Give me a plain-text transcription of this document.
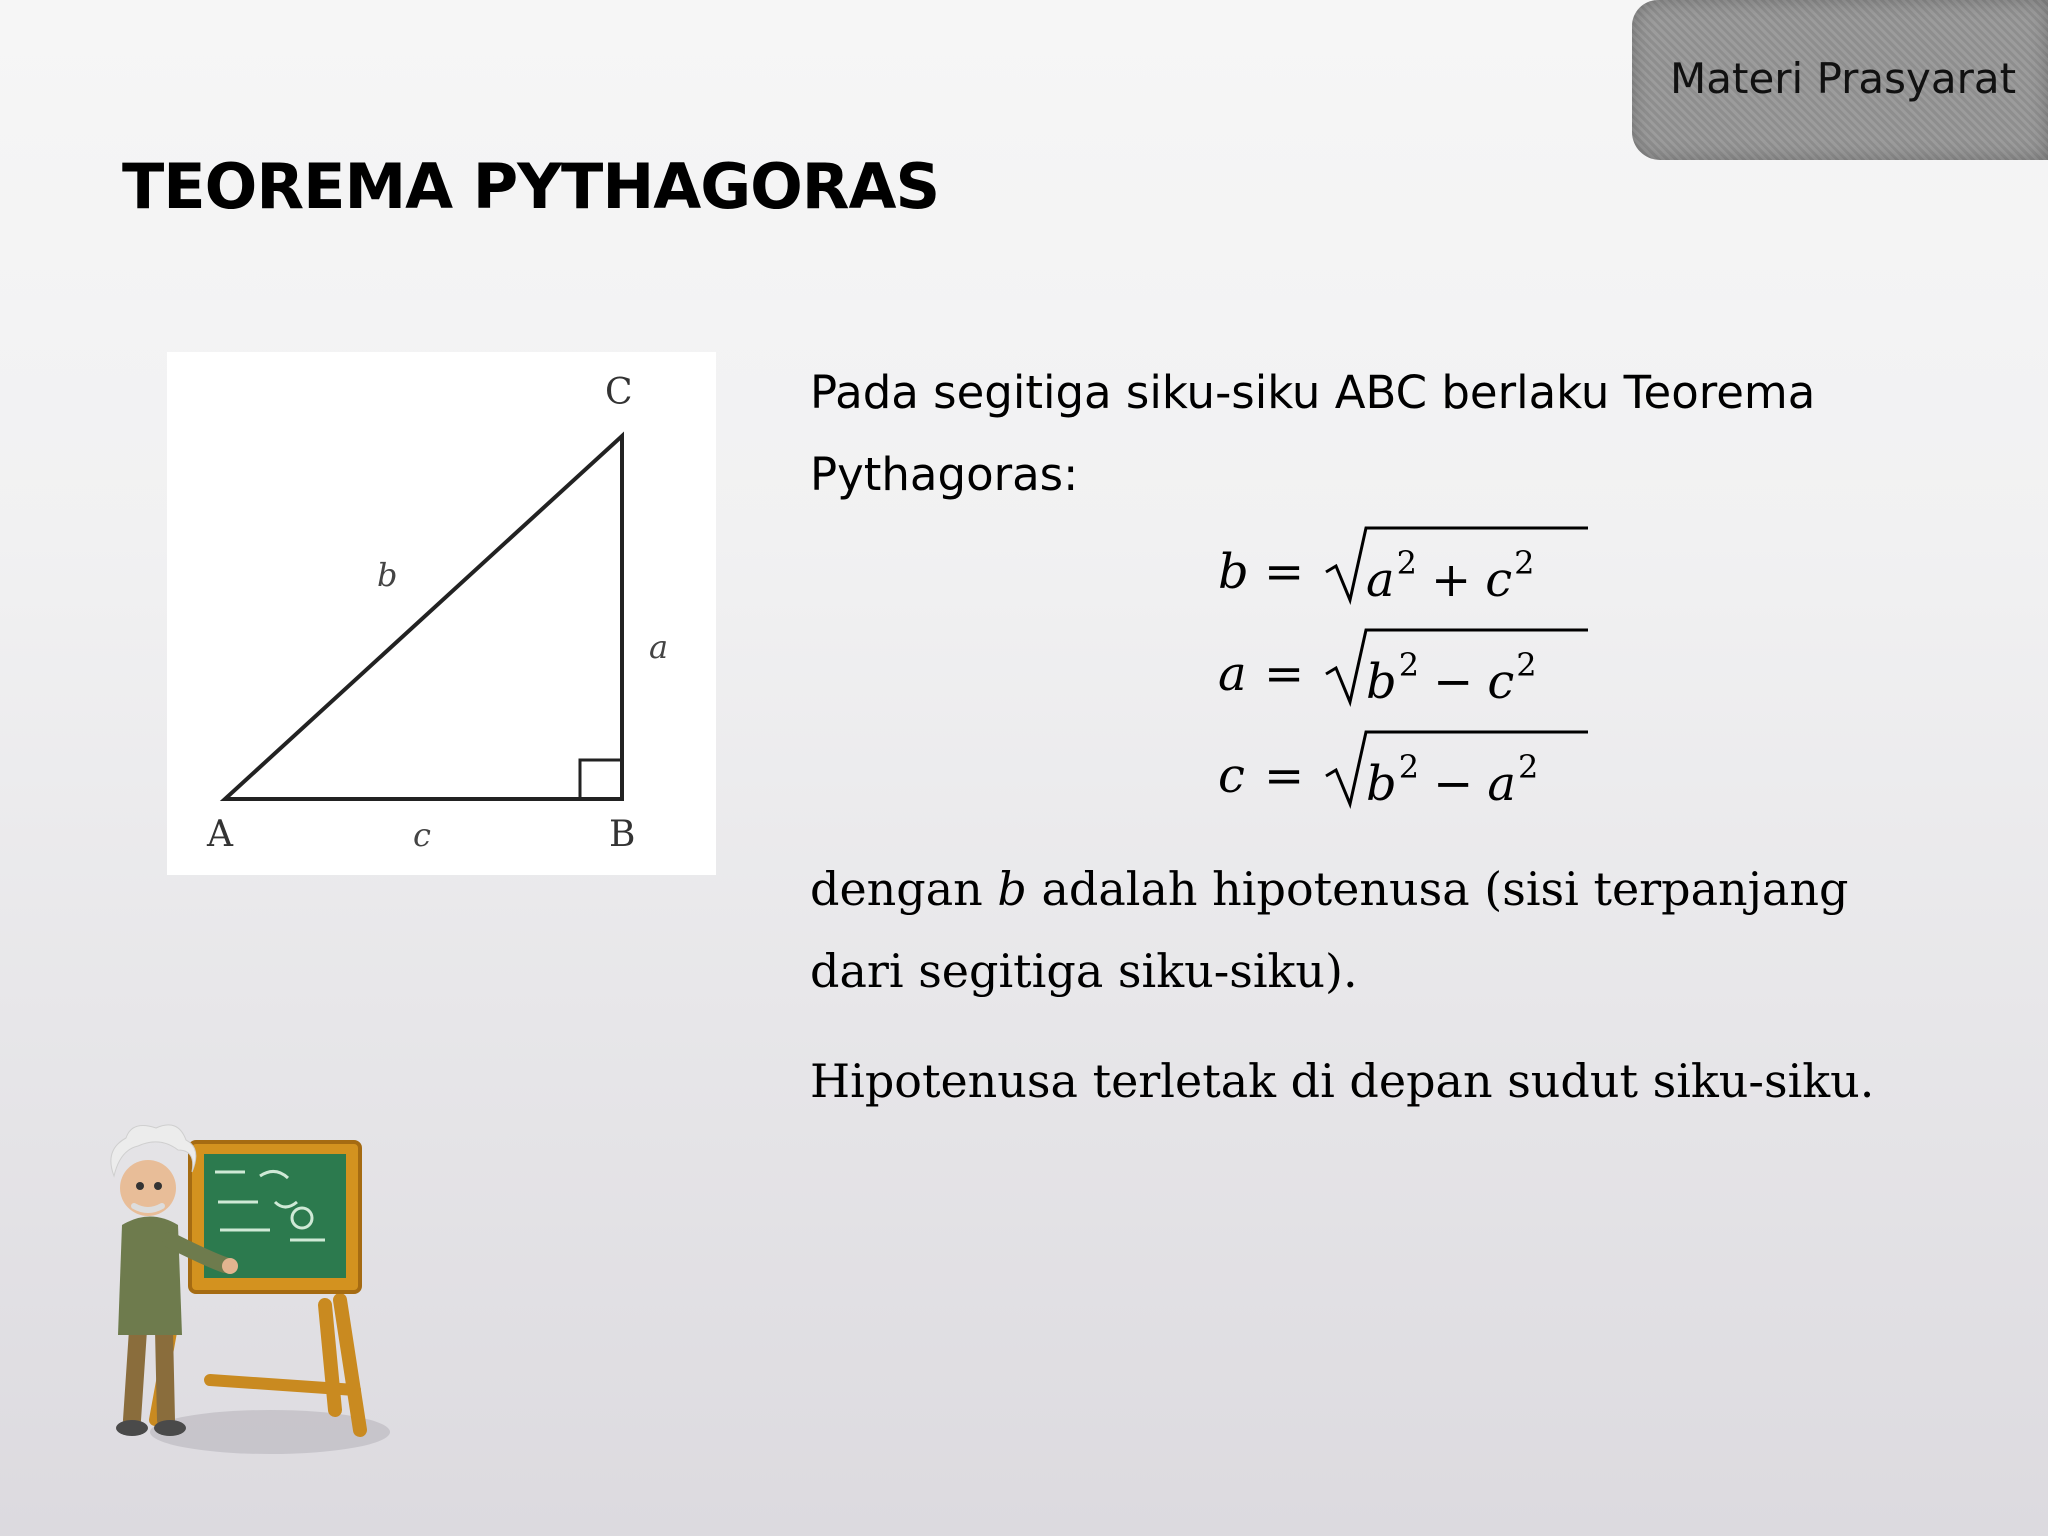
Materi Prasyarat
TEOREMA PYTHAGORAS
C
A	B
b
a
c
Pada segitiga siku-siku ABC berlaku Teorema Pythagoras:
$b = a^2 + c^2$
$a = b^2 - c^2$
$c = b^2 - a^2$
dengan b adalah hipotenusa (sisi terpanjang dari segitiga siku-siku).
Hipotenusa terletak di depan sudut siku-siku.
